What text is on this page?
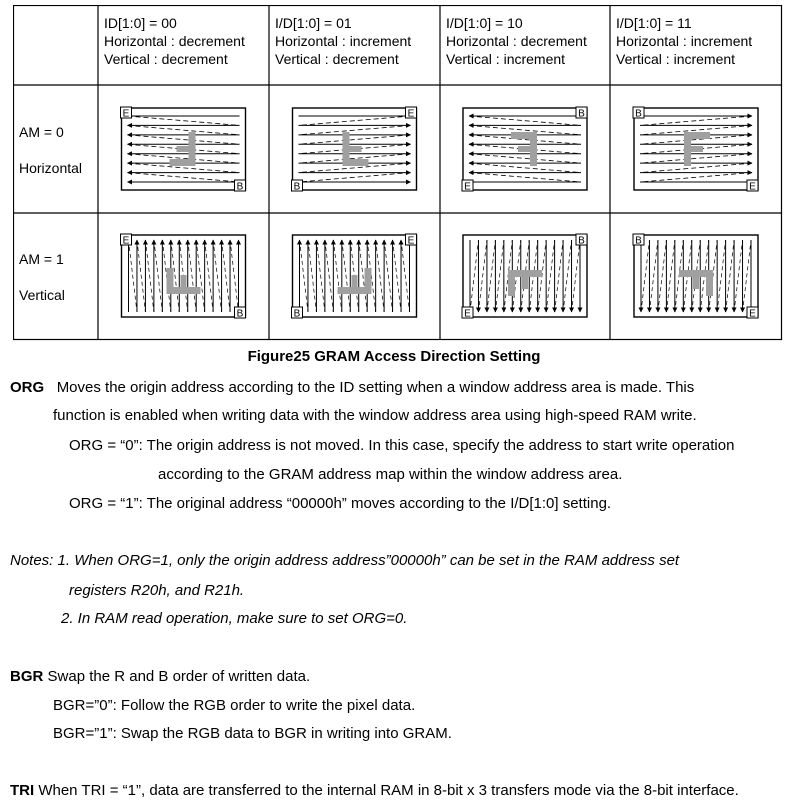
E
B
E
B
E
B
E
B
E
B
E
B
E
B
E
B
ID[1:0] = 00
Horizontal : decrement
Vertical : decrement
I/D[1:0] = 01
Horizontal : increment
Vertical : decrement
I/D[1:0] = 10
Horizontal : decrement
Vertical : increment
I/D[1:0] = 11
Horizontal : increment
Vertical : increment
AM = 0
Horizontal
AM = 1
Vertical
Figure25 GRAM Access Direction Setting
ORG Moves the origin address according to the ID setting when a window address area is made. This
function is enabled when writing data with the window address area using high-speed RAM write.
ORG = “0”: The origin address is not moved. In this case, specify the address to start write operation
according to the GRAM address map within the window address area.
ORG = “1”: The original address “00000h” moves according to the I/D[1:0] setting.
Notes: 1. When ORG=1, only the origin address address”00000h” can be set in the RAM address set
registers R20h, and R21h.
2. In RAM read operation, make sure to set ORG=0.
BGR Swap the R and B order of written data.
BGR=”0”: Follow the RGB order to write the pixel data.
BGR=”1”: Swap the RGB data to BGR in writing into GRAM.
TRI When TRI = “1”, data are transferred to the internal RAM in 8-bit x 3 transfers mode via the 8-bit interface.
